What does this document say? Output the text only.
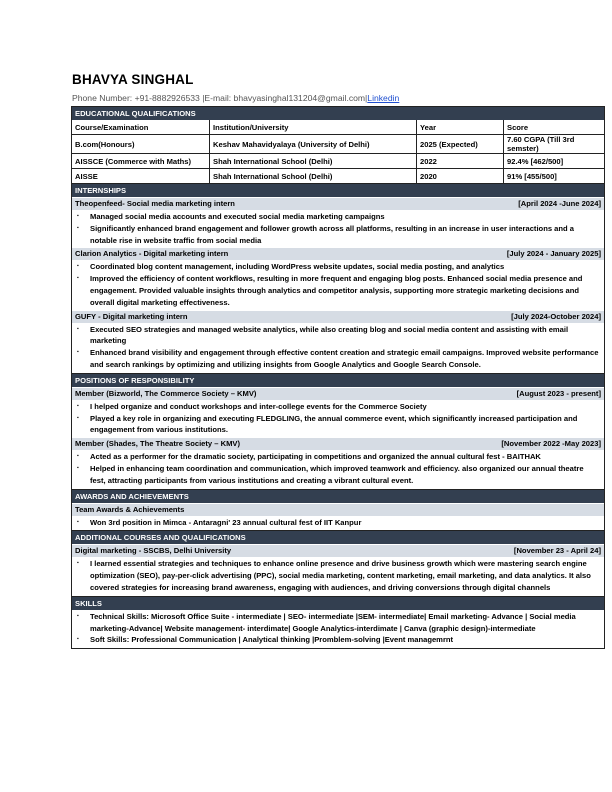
BHAVYA SINGHAL
Phone Number: +91-8882926533 |E-mail: bhavyasinghal131204@gmail.com|Linkedin
EDUCATIONAL QUALIFICATIONS
Course/Examination	Institution/University	Year	Score
B.com(Honours)	Keshav Mahavidyalaya (University of Delhi)	2025 (Expected)	7.60 CGPA (Till 3rd semster)
AISSCE (Commerce with Maths)	Shah International School (Delhi)	2022	92.4% [462/500]
AISSE	Shah International School (Delhi)	2020	91% [455/500]
INTERNSHIPS
Theopenfeed- Social media marketing intern	[April 2024 -June 2024]
▪ Managed social media accounts and executed social media marketing campaigns
▪ Significantly enhanced brand engagement and follower growth across all platforms, resulting in an increase in user interactions and a notable rise in website traffic from social media
Clarion Analytics - Digital marketing intern	[July 2024 - January 2025]
▪ Coordinated blog content management, including WordPress website updates, social media posting, and analytics
▪ Improved the efficiency of content workflows, resulting in more frequent and engaging blog posts. Enhanced social media presence and engagement. Provided valuable insights through analytics and competitor analysis, supporting more strategic marketing decisions and overall digital marketing effectiveness.
GUFY - Digital marketing intern	[July 2024-October 2024]
▪ Executed SEO strategies and managed website analytics, while also creating blog and social media content and assisting with email marketing
▪ Enhanced brand visibility and engagement through effective content creation and strategic email campaigns. Improved website performance and search rankings by optimizing and utilizing insights from Google Analytics and Google Search Console.
POSITIONS OF RESPONSIBILITY
Member (Bizworld, The Commerce Society – KMV)	[August 2023 - present]
▪ I helped organize and conduct workshops and inter-college events for the Commerce Society
▪ Played a key role in organizing and executing FLEDGLING, the annual commerce event, which significantly increased participation and engagement from various institutions.
Member (Shades, The Theatre Society – KMV)	[November 2022 -May 2023]
▪ Acted as a performer for the dramatic society, participating in competitions and organized the annual cultural fest - BAITHAK
▪ Helped in enhancing team coordination and communication, which improved teamwork and efficiency. also organized our annual theatre fest, attracting participants from various institutions and creating a vibrant cultural event.
AWARDS AND ACHIEVEMENTS
Team Awards & Achievements
▪ Won 3rd position in Mimca - Antaragni' 23 annual cultural fest of IIT Kanpur
ADDITIONAL COURSES AND QUALIFICATIONS
Digital marketing - SSCBS, Delhi University	[November 23 - April 24]
▪ I learned essential strategies and techniques to enhance online presence and drive business growth which were mastering search engine optimization (SEO), pay-per-click advertising (PPC), social media marketing, content marketing, email marketing, and data analytics. It also covered strategies for increasing brand awareness, engaging with audiences, and driving conversions through digital channels
SKILLS
▪ Technical Skills: Microsoft Office Suite - intermediate | SEO- intermediate |SEM- intermediate| Email marketing- Advance | Social media marketing-Advance| Website management- interdimate| Google Analytics-interdimate | Canva (graphic design)-intermediate
▪ Soft Skills: Professional Communication | Analytical thinking |Promblem-solving |Event managemrnt
